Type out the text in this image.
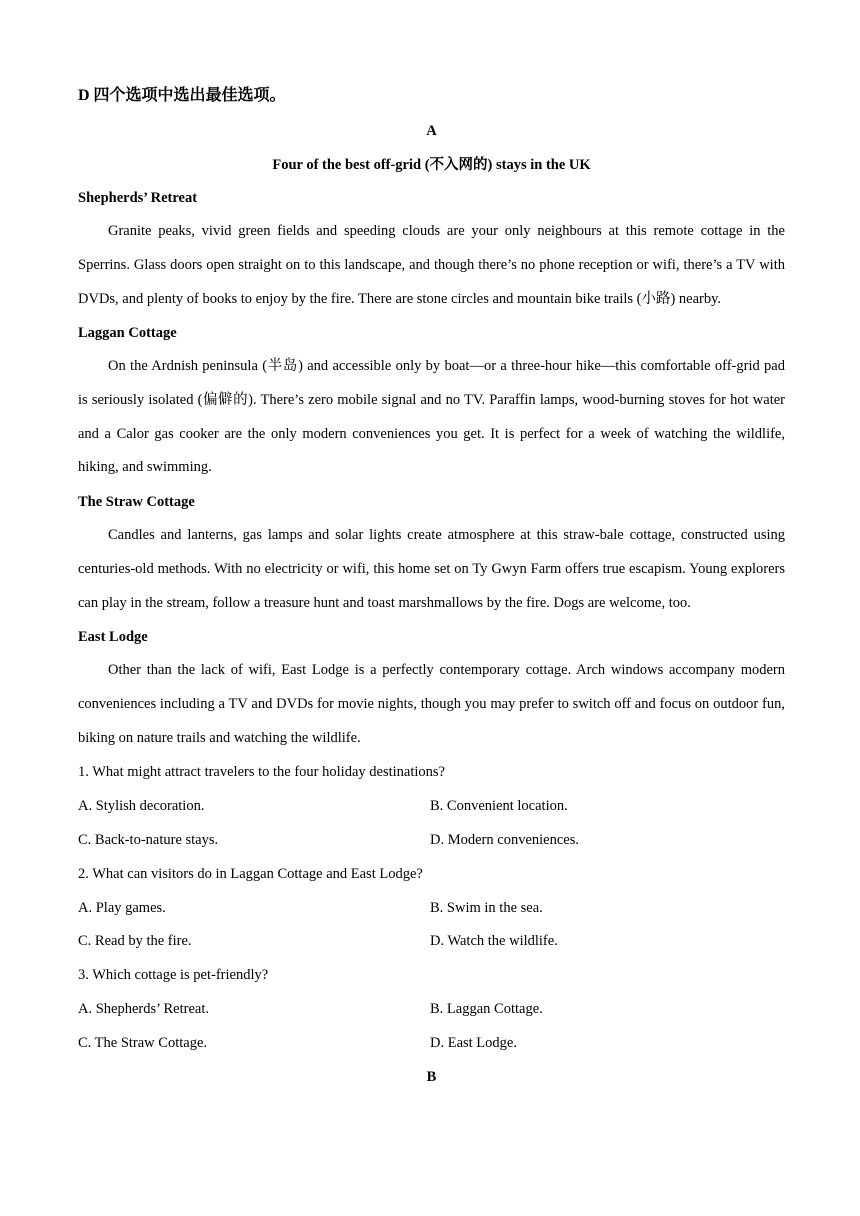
D 四个选项中选出最佳选项。
A
Four of the best off-grid (不入网的) stays in the UK
Shepherds’ Retreat
Granite peaks, vivid green fields and speeding clouds are your only neighbours at this remote cottage in the Sperrins. Glass doors open straight on to this landscape, and though there’s no phone reception or wifi, there’s a TV with DVDs, and plenty of books to enjoy by the fire. There are stone circles and mountain bike trails (小路) nearby.
Laggan Cottage
On the Ardnish peninsula (半岛) and accessible only by boat—or a three-hour hike—this comfortable off-grid pad is seriously isolated (偏僻的). There’s zero mobile signal and no TV. Paraffin lamps, wood-burning stoves for hot water and a Calor gas cooker are the only modern conveniences you get. It is perfect for a week of watching the wildlife, hiking, and swimming.
The Straw Cottage
Candles and lanterns, gas lamps and solar lights create atmosphere at this straw-bale cottage, constructed using centuries-old methods. With no electricity or wifi, this home set on Ty Gwyn Farm offers true escapism. Young explorers can play in the stream, follow a treasure hunt and toast marshmallows by the fire. Dogs are welcome, too.
East Lodge
Other than the lack of wifi, East Lodge is a perfectly contemporary cottage. Arch windows accompany modern conveniences including a TV and DVDs for movie nights, though you may prefer to switch off and focus on outdoor fun, biking on nature trails and watching the wildlife.
1. What might attract travelers to the four holiday destinations?
A. Stylish decoration.	B. Convenient location.
C. Back-to-nature stays.	D. Modern conveniences.
2. What can visitors do in Laggan Cottage and East Lodge?
A. Play games.	B. Swim in the sea.
C. Read by the fire.	D. Watch the wildlife.
3. Which cottage is pet-friendly?
A. Shepherds’ Retreat.	B. Laggan Cottage.
C. The Straw Cottage.	D. East Lodge.
B
